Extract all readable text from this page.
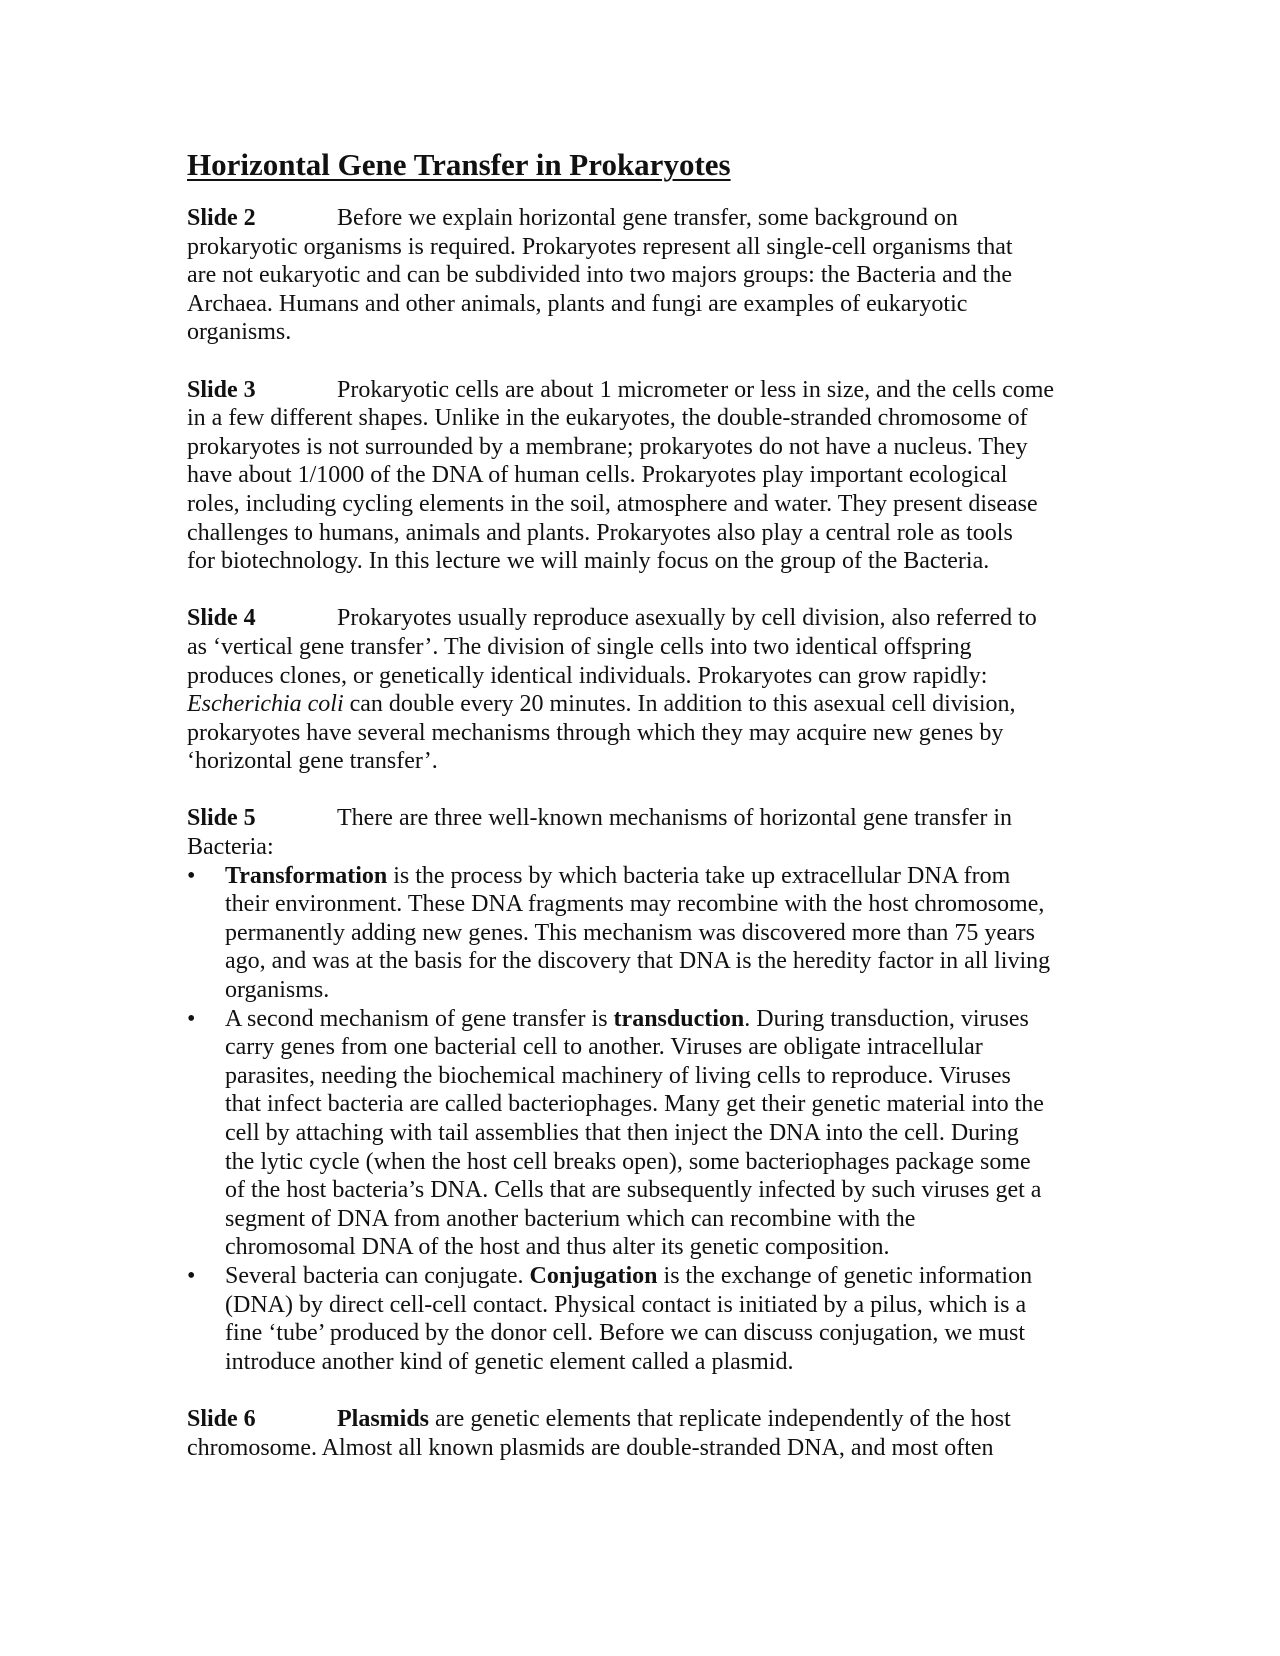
Horizontal Gene Transfer in Prokaryotes
Slide 2	Before we explain horizontal gene transfer, some background on
prokaryotic organisms is required. Prokaryotes represent all single-cell organisms that
are not eukaryotic and can be subdivided into two majors groups: the Bacteria and the
Archaea. Humans and other animals, plants and fungi are examples of eukaryotic
organisms.
Slide 3	Prokaryotic cells are about 1 micrometer or less in size, and the cells come
in a few different shapes. Unlike in the eukaryotes, the double-stranded chromosome of
prokaryotes is not surrounded by a membrane; prokaryotes do not have a nucleus. They
have about 1/1000 of the DNA of human cells. Prokaryotes play important ecological
roles, including cycling elements in the soil, atmosphere and water. They present disease
challenges to humans, animals and plants. Prokaryotes also play a central role as tools
for biotechnology. In this lecture we will mainly focus on the group of the Bacteria.
Slide 4	Prokaryotes usually reproduce asexually by cell division, also referred to
as ‘vertical gene transfer’. The division of single cells into two identical offspring
produces clones, or genetically identical individuals. Prokaryotes can grow rapidly:
Escherichia coli can double every 20 minutes. In addition to this asexual cell division,
prokaryotes have several mechanisms through which they may acquire new genes by
‘horizontal gene transfer’.
Slide 5	There are three well-known mechanisms of horizontal gene transfer in
Bacteria:
•	Transformation is the process by which bacteria take up extracellular DNA from
their environment. These DNA fragments may recombine with the host chromosome,
permanently adding new genes. This mechanism was discovered more than 75 years
ago, and was at the basis for the discovery that DNA is the heredity factor in all living
organisms.
•	A second mechanism of gene transfer is transduction. During transduction, viruses
carry genes from one bacterial cell to another. Viruses are obligate intracellular
parasites, needing the biochemical machinery of living cells to reproduce. Viruses
that infect bacteria are called bacteriophages. Many get their genetic material into the
cell by attaching with tail assemblies that then inject the DNA into the cell. During
the lytic cycle (when the host cell breaks open), some bacteriophages package some
of the host bacteria’s DNA. Cells that are subsequently infected by such viruses get a
segment of DNA from another bacterium which can recombine with the
chromosomal DNA of the host and thus alter its genetic composition.
•	Several bacteria can conjugate. Conjugation is the exchange of genetic information
(DNA) by direct cell-cell contact. Physical contact is initiated by a pilus, which is a
fine ‘tube’ produced by the donor cell. Before we can discuss conjugation, we must
introduce another kind of genetic element called a plasmid.
Slide 6	Plasmids are genetic elements that replicate independently of the host
chromosome. Almost all known plasmids are double-stranded DNA, and most often
